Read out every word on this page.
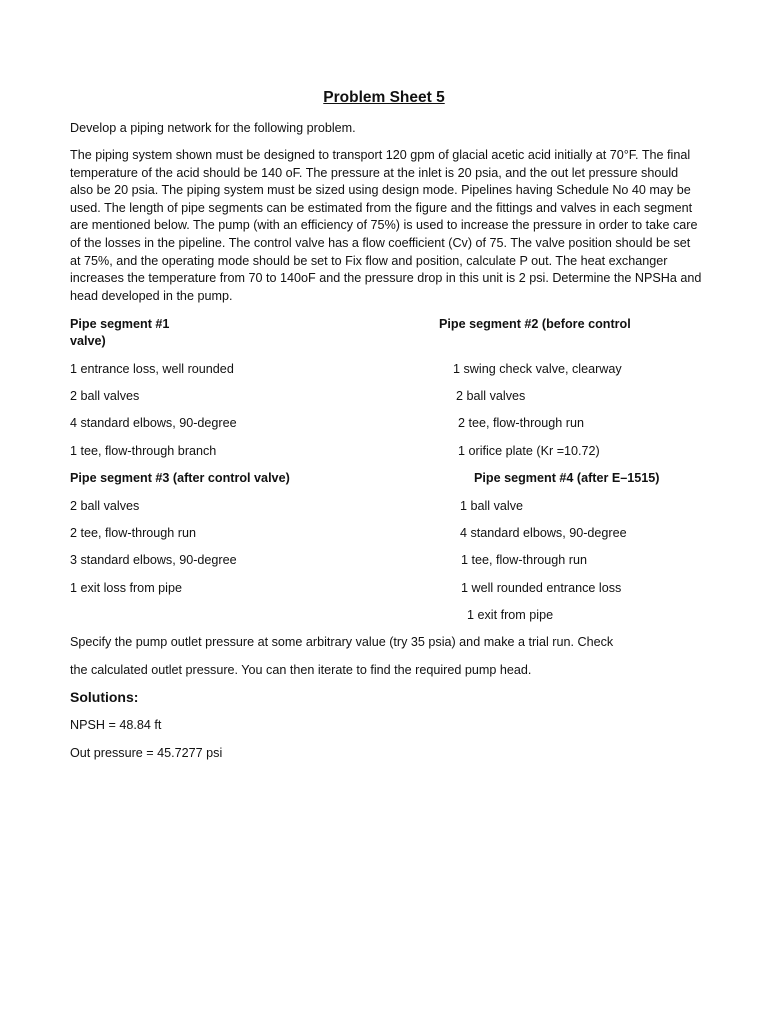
Problem Sheet 5
Develop a piping network for the following problem.
The piping system shown must be designed to transport 120 gpm of glacial acetic acid initially at 70°F. The final temperature of the acid should be 140 oF. The pressure at the inlet is 20 psia, and the out let pressure should also be 20 psia. The piping system must be sized using design mode. Pipelines having Schedule No 40 may be used. The length of pipe segments can be estimated from the figure and the fittings and valves in each segment are mentioned below. The pump (with an efficiency of 75%) is used to increase the pressure in order to take care of the losses in the pipeline. The control valve has a flow coefficient (Cv) of 75. The valve position should be set at 75%, and the operating mode should be set to Fix flow and position, calculate P out. The heat exchanger increases the temperature from 70 to 140oF and the pressure drop in this unit is 2 psi. Determine the NPSHa and head developed in the pump.
Pipe segment #1	Pipe segment #2 (before control
valve)
1 entrance loss, well rounded
2 ball valves
4 standard elbows, 90-degree
1 tee, flow-through branch
1 swing check valve, clearway
2 ball valves
2 tee, flow-through run
1 orifice plate (Kr =10.72)
Pipe segment #3 (after control valve)	Pipe segment #4 (after E–1515)
2 ball valves
2 tee, flow-through run
3 standard elbows, 90-degree
1 exit loss from pipe
1 ball valve
4 standard elbows, 90-degree
1 tee, flow-through run
1 well rounded entrance loss
1 exit from pipe
Specify the pump outlet pressure at some arbitrary value (try 35 psia) and make a trial run. Check
the calculated outlet pressure. You can then iterate to find the required pump head.
Solutions:
NPSH = 48.84 ft
Out pressure = 45.7277 psi
